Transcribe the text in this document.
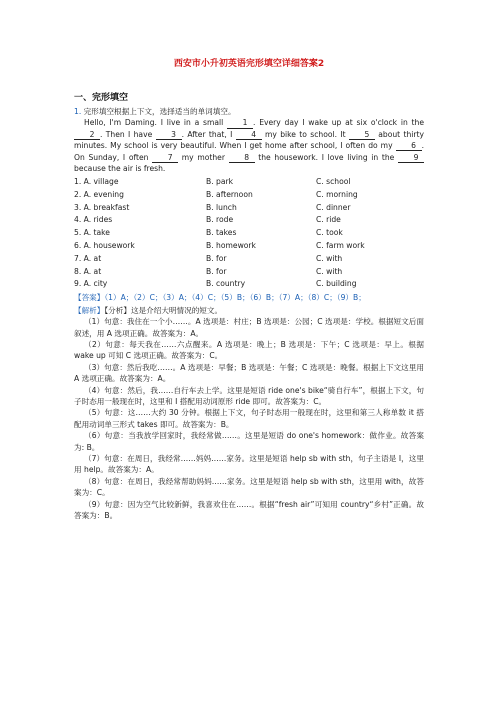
西安市小升初英语完形填空详细答案2
一、完形填空
1. 完形填空根据上下文，选择适当的单词填空。

Hello, I'm Daming. I live in a small 1 . Every day I wake up at six o'clock in the 2 . Then I have 3 . After that, I 4 my bike to school. It 5 about thirty minutes. My school is very beautiful. When I get home after school, I often do my 6 . On Sunday, I often 7 my mother 8 the housework. I love living in the 9 because the air is fresh.

1. A. village	B. park	C. school
2. A. evening	B. afternoon	C. morning
3. A. breakfast	B. lunch	C. dinner
4. A. rides	B. rode	C. ride
5. A. take	B. takes	C. took
6. A. housework	B. homework	C. farm work
7. A. at	B. for	C. with
8. A. at	B. for	C. with
9. A. city	B. country	C. building
【答案】（1）A；（2）C；（3）A；（4）C；（5）B；（6）B；（7）A；（8）C；（9）B；
【解析】【分析】这是介绍大明情况的短文。
（1）句意：我住在一个小……。A 选项是：村庄；B 选项是：公园；C 选项是：学校。根据短文后面叙述，用 A 选项正确。故答案为：A。
（2）句意：每天我在……六点醒来。A 选项是：晚上；B 选项是：下午；C 选项是：早上。根据 wake up 可知 C 选项正确。故答案为：C。
（3）句意：然后我吃……。A 选项是：早餐；B 选项是：午餐；C 选项是：晚餐。根据上下文这里用 A 选项正确。故答案为：A。
（4）句意：然后，我……自行车去上学。这里是短语 ride one's bike“骑自行车”，根据上下文，句子时态用一般现在时，这里和 I 搭配用动词原形 ride 即可。故答案为：C。
（5）句意：这……大约 30 分钟。根据上下文，句子时态用一般现在时，这里和第三人称单数 it 搭配用动词单三形式 takes 即可。故答案为：B。
（6）句意：当我放学回家时，我经常做……。这里是短语 do one's homework：做作业。故答案为: B。
（7）句意：在周日，我经常……妈妈……家务。这里是短语 help sb with sth，句子主语是 I，这里用 help。故答案为：A。
（8）句意：在周日，我经常帮助妈妈……家务。这里是短语 help sb with sth，这里用 with，故答案为：C。
（9）句意：因为空气比较新鲜，我喜欢住在……。根据“fresh air”可知用 country“乡村”正确。故答案为：B。
